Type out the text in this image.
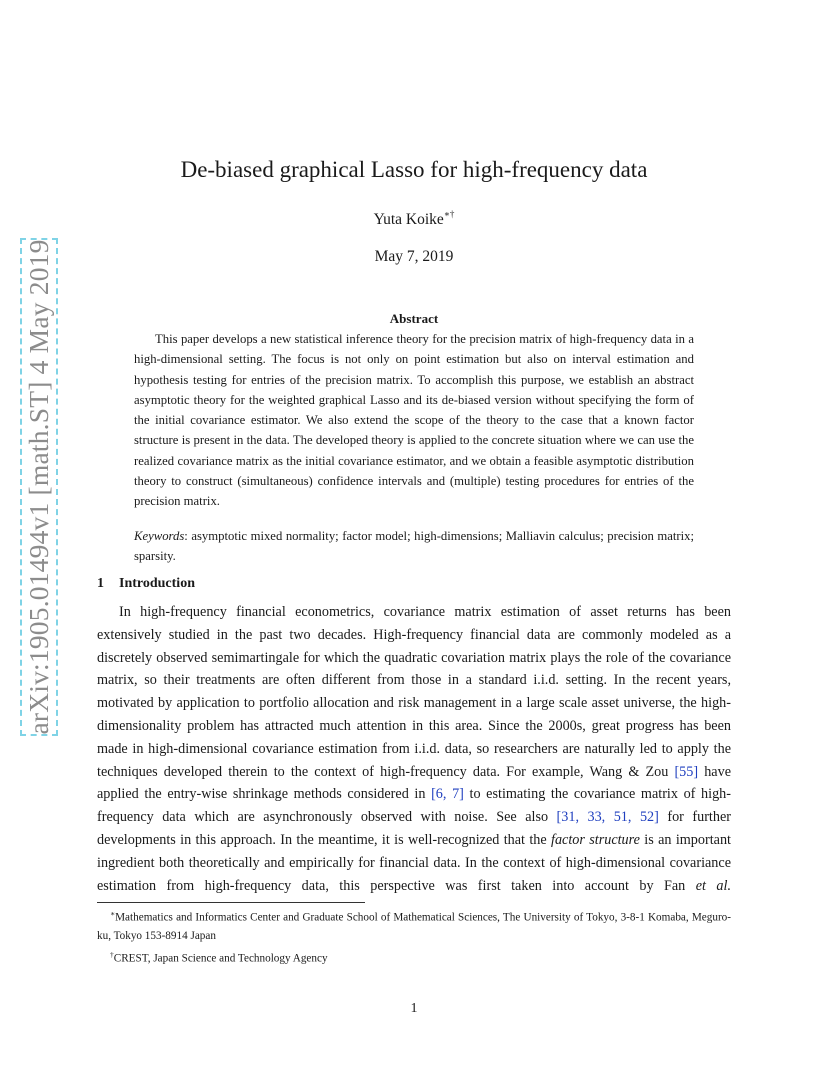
arXiv:1905.01494v1 [math.ST] 4 May 2019
De-biased graphical Lasso for high-frequency data
Yuta Koike∗†
May 7, 2019
Abstract

This paper develops a new statistical inference theory for the precision matrix of high-frequency data in a high-dimensional setting. The focus is not only on point estimation but also on interval estimation and hypothesis testing for entries of the precision matrix. To accomplish this purpose, we establish an abstract asymptotic theory for the weighted graphical Lasso and its de-biased version without specifying the form of the initial covariance estimator. We also extend the scope of the theory to the case that a known factor structure is present in the data. The developed theory is applied to the concrete situation where we can use the realized covariance matrix as the initial covariance estimator, and we obtain a feasible asymptotic distribution theory to construct (simultaneous) confidence intervals and (multiple) testing procedures for entries of the precision matrix.

Keywords: asymptotic mixed normality; factor model; high-dimensions; Malliavin calculus; precision matrix; sparsity.

1 Introduction

In high-frequency financial econometrics, covariance matrix estimation of asset returns has been extensively studied in the past two decades. High-frequency financial data are commonly modeled as a discretely observed semimartingale for which the quadratic covariation matrix plays the role of the covariance matrix, so their treatments are often different from those in a standard i.i.d. setting. In the recent years, motivated by application to portfolio allocation and risk management in a large scale asset universe, the high-dimensionality problem has attracted much attention in this area. Since the 2000s, great progress has been made in high-dimensional covariance estimation from i.i.d. data, so researchers are naturally led to apply the techniques developed therein to the context of high-frequency data. For example, Wang & Zou [55] have applied the entry-wise shrinkage methods considered in [6, 7] to estimating the covariance matrix of high-frequency data which are asynchronously observed with noise. See also [31, 33, 51, 52] for further developments in this approach. In the meantime, it is well-recognized that the factor structure is an important ingredient both theoretically and empirically for financial data. In the context of high-dimensional covariance estimation from high-frequency data, this perspective was first taken into account by Fan et al.

∗Mathematics and Informatics Center and Graduate School of Mathematical Sciences, The University of Tokyo, 3-8-1 Komaba, Meguro-ku, Tokyo 153-8914 Japan

†CREST, Japan Science and Technology Agency

1
